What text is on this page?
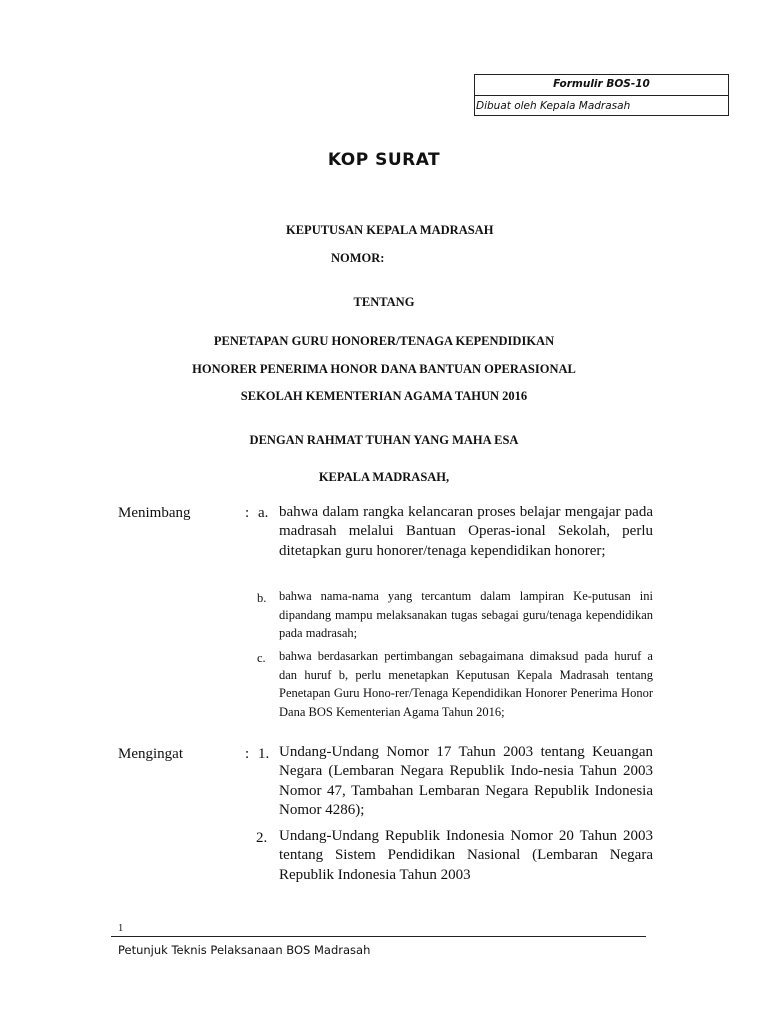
Formulir BOS-10
Dibuat oleh Kepala Madrasah
KOP SURAT
KEPUTUSAN KEPALA MADRASAH
NOMOR:
TENTANG
PENETAPAN GURU HONORER/TENAGA KEPENDIDIKAN
HONORER PENERIMA HONOR DANA BANTUAN OPERASIONAL
SEKOLAH KEMENTERIAN AGAMA TAHUN 2016
DENGAN RAHMAT TUHAN YANG MAHA ESA
KEPALA MADRASAH,
Menimbang	: a. bahwa dalam rangka kelancaran proses belajar mengajar pada madrasah melalui Bantuan Operas-ional Sekolah, perlu ditetapkan guru honorer/tenaga kependidikan honorer;

b. bahwa nama-nama yang tercantum dalam lampiran Ke-putusan ini dipandang mampu melaksanakan tugas sebagai guru/tenaga kependidikan pada madrasah;

c. bahwa berdasarkan pertimbangan sebagaimana dimaksud pada huruf a dan huruf b, perlu menetapkan Keputusan Kepala Madrasah tentang Penetapan Guru Hono-rer/Tenaga Kependidikan Honorer Penerima Honor Dana BOS Kementerian Agama Tahun 2016;

Mengingat	: 1. Undang-Undang Nomor 17 Tahun 2003 tentang Keuangan Negara (Lembaran Negara Republik Indo-nesia Tahun 2003 Nomor 47, Tambahan Lembaran Negara Republik Indonesia Nomor 4286);

2. Undang-Undang Republik Indonesia Nomor 20 Tahun 2003 tentang Sistem Pendidikan Nasional (Lembaran Negara Republik Indonesia Tahun 2003

1
Petunjuk Teknis Pelaksanaan BOS Madrasah
